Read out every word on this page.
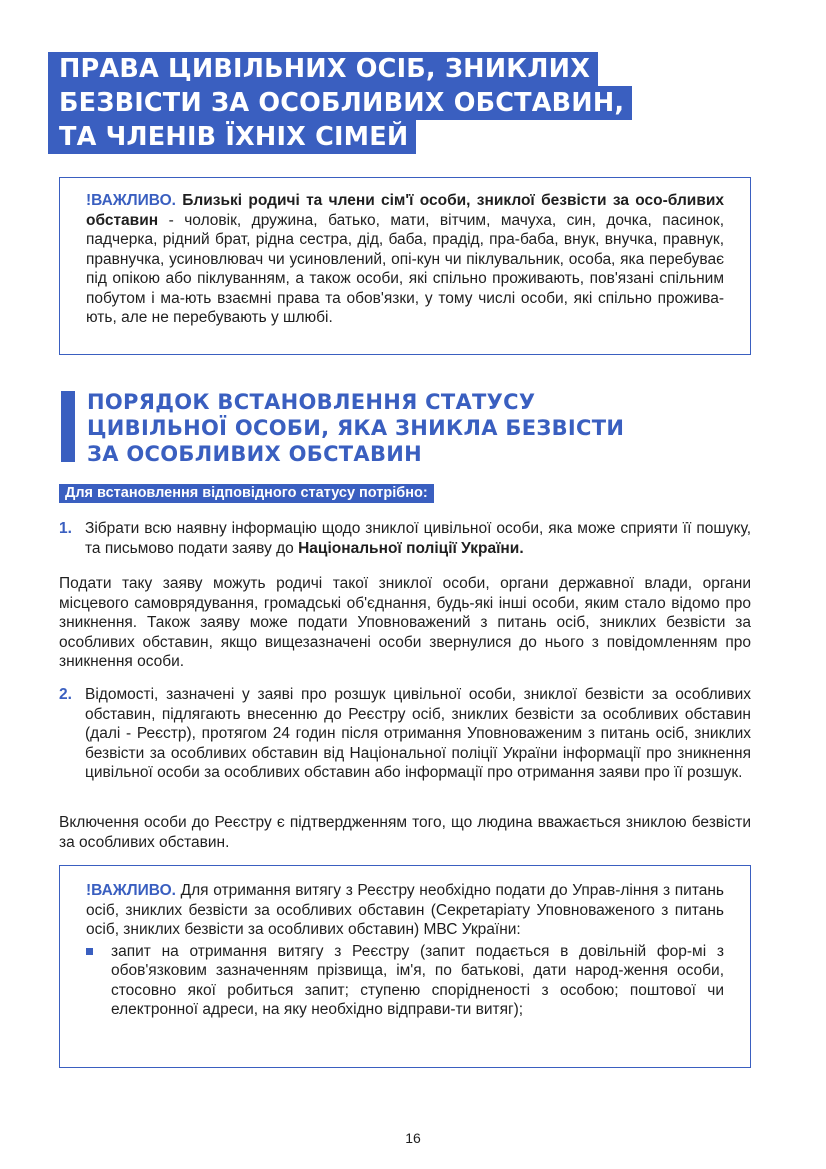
ПРАВА ЦИВІЛЬНИХ ОСІБ, ЗНИКЛИХ
БЕЗВІСТИ ЗА ОСОБЛИВИХ ОБСТАВИН,
ТА ЧЛЕНІВ ЇХНІХ СІМЕЙ
!ВАЖЛИВО. Близькі родичі та члени сім'ї особи, зниклої безвісти за осо-бливих обставин - чоловік, дружина, батько, мати, вітчим, мачуха, син, дочка, пасинок, падчерка, рідний брат, рідна сестра, дід, баба, прадід, пра-баба, внук, внучка, правнук, правнучка, усиновлювач чи усиновлений, опі-кун чи піклувальник, особа, яка перебуває під опікою або піклуванням, а також особи, які спільно проживають, пов'язані спільним побутом і ма-ють взаємні права та обов'язки, у тому числі особи, які спільно прожива-ють, але не перебувають у шлюбі.
ПОРЯДОК ВСТАНОВЛЕННЯ СТАТУСУ
ЦИВІЛЬНОЇ ОСОБИ, ЯКА ЗНИКЛА БЕЗВІСТИ
ЗА ОСОБЛИВИХ ОБСТАВИН
Для встановлення відповідного статусу потрібно:
1. Зібрати всю наявну інформацію щодо зниклої цивільної особи, яка може сприяти її пошуку, та письмово подати заяву до Національної поліції України.
Подати таку заяву можуть родичі такої зниклої особи, органи державної влади, органи місцевого самоврядування, громадські об'єднання, будь-які інші особи, яким стало відомо про зникнення. Також заяву може подати Уповноважений з питань осіб, зниклих безвісти за особливих обставин, якщо вищезазначені особи звернулися до нього з повідомленням про зникнення особи.
2. Відомості, зазначені у заяві про розшук цивільної особи, зниклої безвісти за особливих обставин, підлягають внесенню до Реєстру осіб, зниклих безвісти за особливих обставин (далі - Реєстр), протягом 24 годин після отримання Уповноваженим з питань осіб, зниклих безвісти за особливих обставин від Національної поліції України інформації про зникнення цивільної особи за особливих обставин або інформації про отримання заяви про її розшук.
Включення особи до Реєстру є підтвердженням того, що людина вважається зниклою безвісти за особливих обставин.
!ВАЖЛИВО. Для отримання витягу з Реєстру необхідно подати до Управ-ління з питань осіб, зниклих безвісти за особливих обставин (Секретаріату Уповноваженого з питань осіб, зниклих безвісти за особливих обставин) МВС України:
запит на отримання витягу з Реєстру (запит подається в довільній фор-мі з обов'язковим зазначенням прізвища, ім'я, по батькові, дати народ-ження особи, стосовно якої робиться запит; ступеню спорідненості з особою; поштової чи електронної адреси, на яку необхідно відправи-ти витяг);
16
